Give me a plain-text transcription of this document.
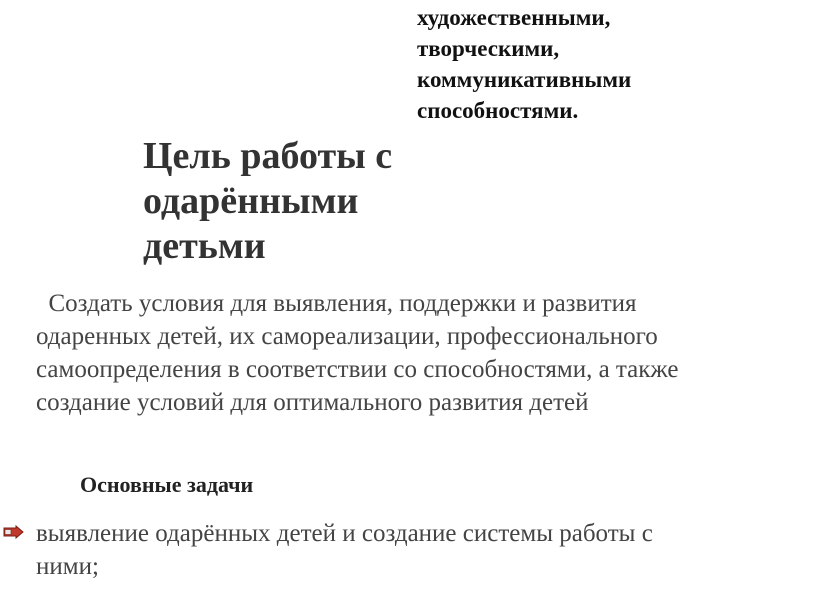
художественными,
творческими,
коммуникативными
способностями.
Цель работы с
одарёнными
детьми
Создать условия для выявления, поддержки и развития
одаренных детей, их самореализации, профессионального
самоопределения в соответствии со способностями, а также
создание условий для оптимального развития детей
Основные задачи
выявление одарённых детей и создание системы работы с
ними;
